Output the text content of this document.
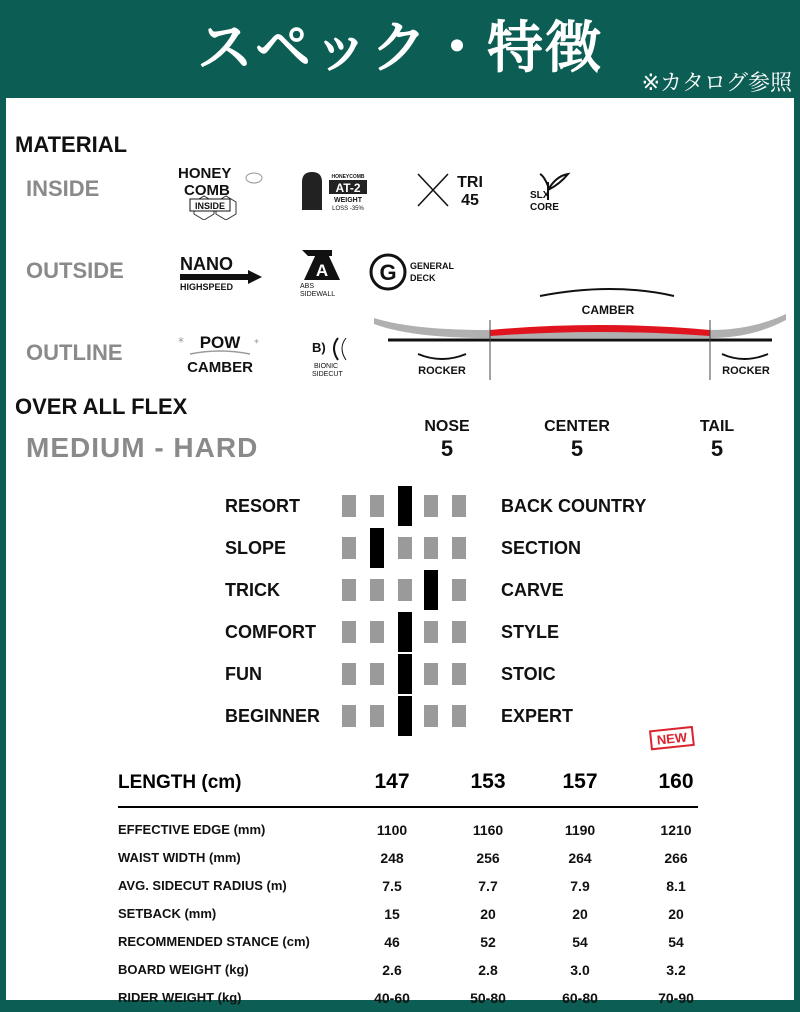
スペック・特徴
※カタログ参照
MATERIAL
INSIDE
HONEY
COMB
INSIDE
HONEYCOMB
AT-2
WEIGHT
LOSS -35%
TRI
45	SLX
CORE
OUTSIDE	NANO
HIGHSPEED
A
ABS
SIDEWALL
G GENERAL
DECK
OUTLINE	*	*
POW
CAMBER
B)
BIONIC
SIDECUT
CAMBER
ROCKER	ROCKER
OVER ALL FLEX
MEDIUM - HARD
NOSE
5
CENTER
5
TAIL
5
RESORT	BACK COUNTRY
SLOPE	SECTION
TRICK	CARVE
COMFORT	STYLE
FUN	STOIC
BEGINNER	EXPERT
NEW
LENGTH (cm)	147	153	157	160
EFFECTIVE EDGE (mm)	1100	1160	1190	1210
WAIST WIDTH (mm)	248	256	264	266
AVG. SIDECUT RADIUS (m)	7.5	7.7	7.9	8.1
SETBACK (mm)	15	20	20	20
RECOMMENDED STANCE (cm)	46	52	54	54
BOARD WEIGHT (kg)	2.6	2.8	3.0	3.2
RIDER WEIGHT (kg)	40-60	50-80	60-80	70-90
